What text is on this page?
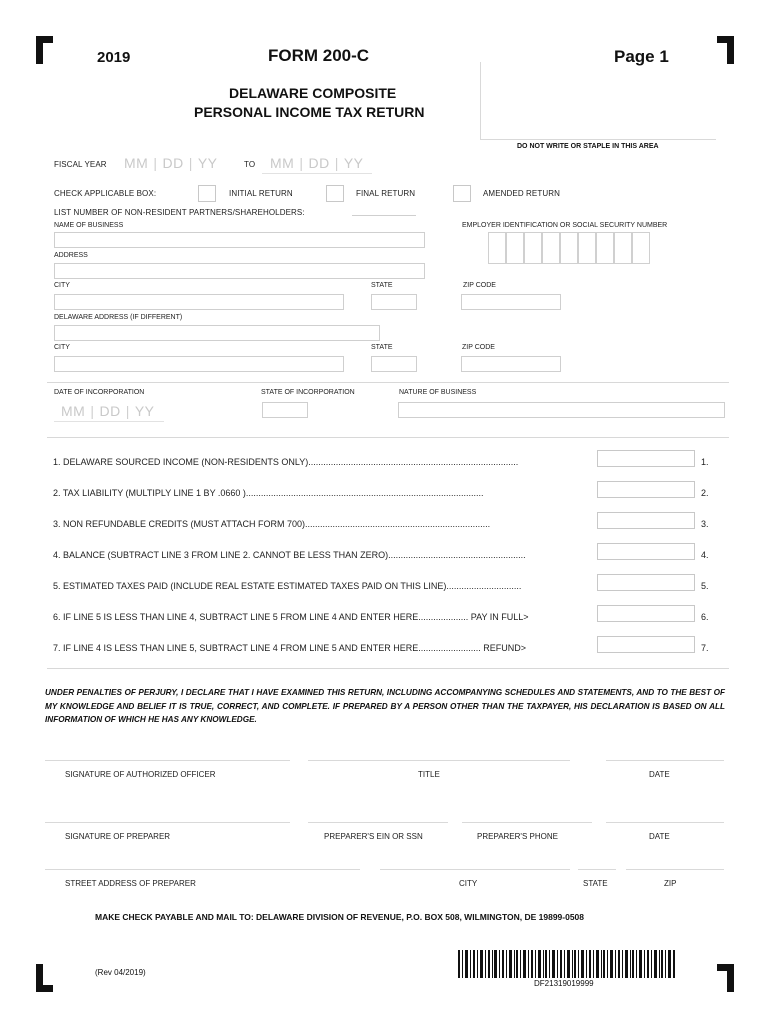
2019	FORM 200-C	Page 1
DELAWARE COMPOSITE
PERSONAL INCOME TAX RETURN
DO NOT WRITE OR STAPLE IN THIS AREA
FISCAL YEAR MM | DD | YY	TO MM | DD | YY
CHECK APPLICABLE BOX:	INITIAL RETURN	FINAL RETURN	AMENDED RETURN
LIST NUMBER OF NON-RESIDENT PARTNERS/SHAREHOLDERS:
NAME OF BUSINESS	EMPLOYER IDENTIFICATION OR SOCIAL SECURITY NUMBER
ADDRESS
CITY	STATE	ZIP CODE
DELAWARE ADDRESS (IF DIFFERENT)
CITY	STATE	ZIP CODE
DATE OF INCORPORATION
MM | DD | YY
STATE OF INCORPORATION	NATURE OF BUSINESS
1. DELAWARE SOURCED INCOME (NON-RESIDENTS ONLY)....................................................................................	1.
2. TAX LIABILITY (MULTIPLY LINE 1 BY .0660 )...............................................................................................	2.
3. NON REFUNDABLE CREDITS (MUST ATTACH FORM 700)..........................................................................	3.
4. BALANCE (SUBTRACT LINE 3 FROM LINE 2. CANNOT BE LESS THAN ZERO).......................................................	4.
5. ESTIMATED TAXES PAID (INCLUDE REAL ESTATE ESTIMATED TAXES PAID ON THIS LINE)..............................	5.
6. IF LINE 5 IS LESS THAN LINE 4, SUBTRACT LINE 5 FROM LINE 4 AND ENTER HERE.................... PAY IN FULL>	6.
7. IF LINE 4 IS LESS THAN LINE 5, SUBTRACT LINE 4 FROM LINE 5 AND ENTER HERE......................... REFUND>	7.
UNDER PENALTIES OF PERJURY, I DECLARE THAT I HAVE EXAMINED THIS RETURN, INCLUDING ACCOMPANYING SCHEDULES AND STATEMENTS, AND TO THE BEST OF MY KNOWLEDGE AND BELIEF IT IS TRUE, CORRECT, AND COMPLETE. IF PREPARED BY A PERSON OTHER THAN THE TAXPAYER, HIS DECLARATION IS BASED ON ALL INFORMATION OF WHICH HE HAS ANY KNOWLEDGE.
SIGNATURE OF AUTHORIZED OFFICER	TITLE	DATE
SIGNATURE OF PREPARER	PREPARER'S EIN OR SSN	PREPARER'S PHONE	DATE
STREET ADDRESS OF PREPARER	CITY	STATE	ZIP
MAKE CHECK PAYABLE AND MAIL TO: DELAWARE DIVISION OF REVENUE, P.O. BOX 508, WILMINGTON, DE 19899-0508
(Rev 04/2019)
DF21319019999
